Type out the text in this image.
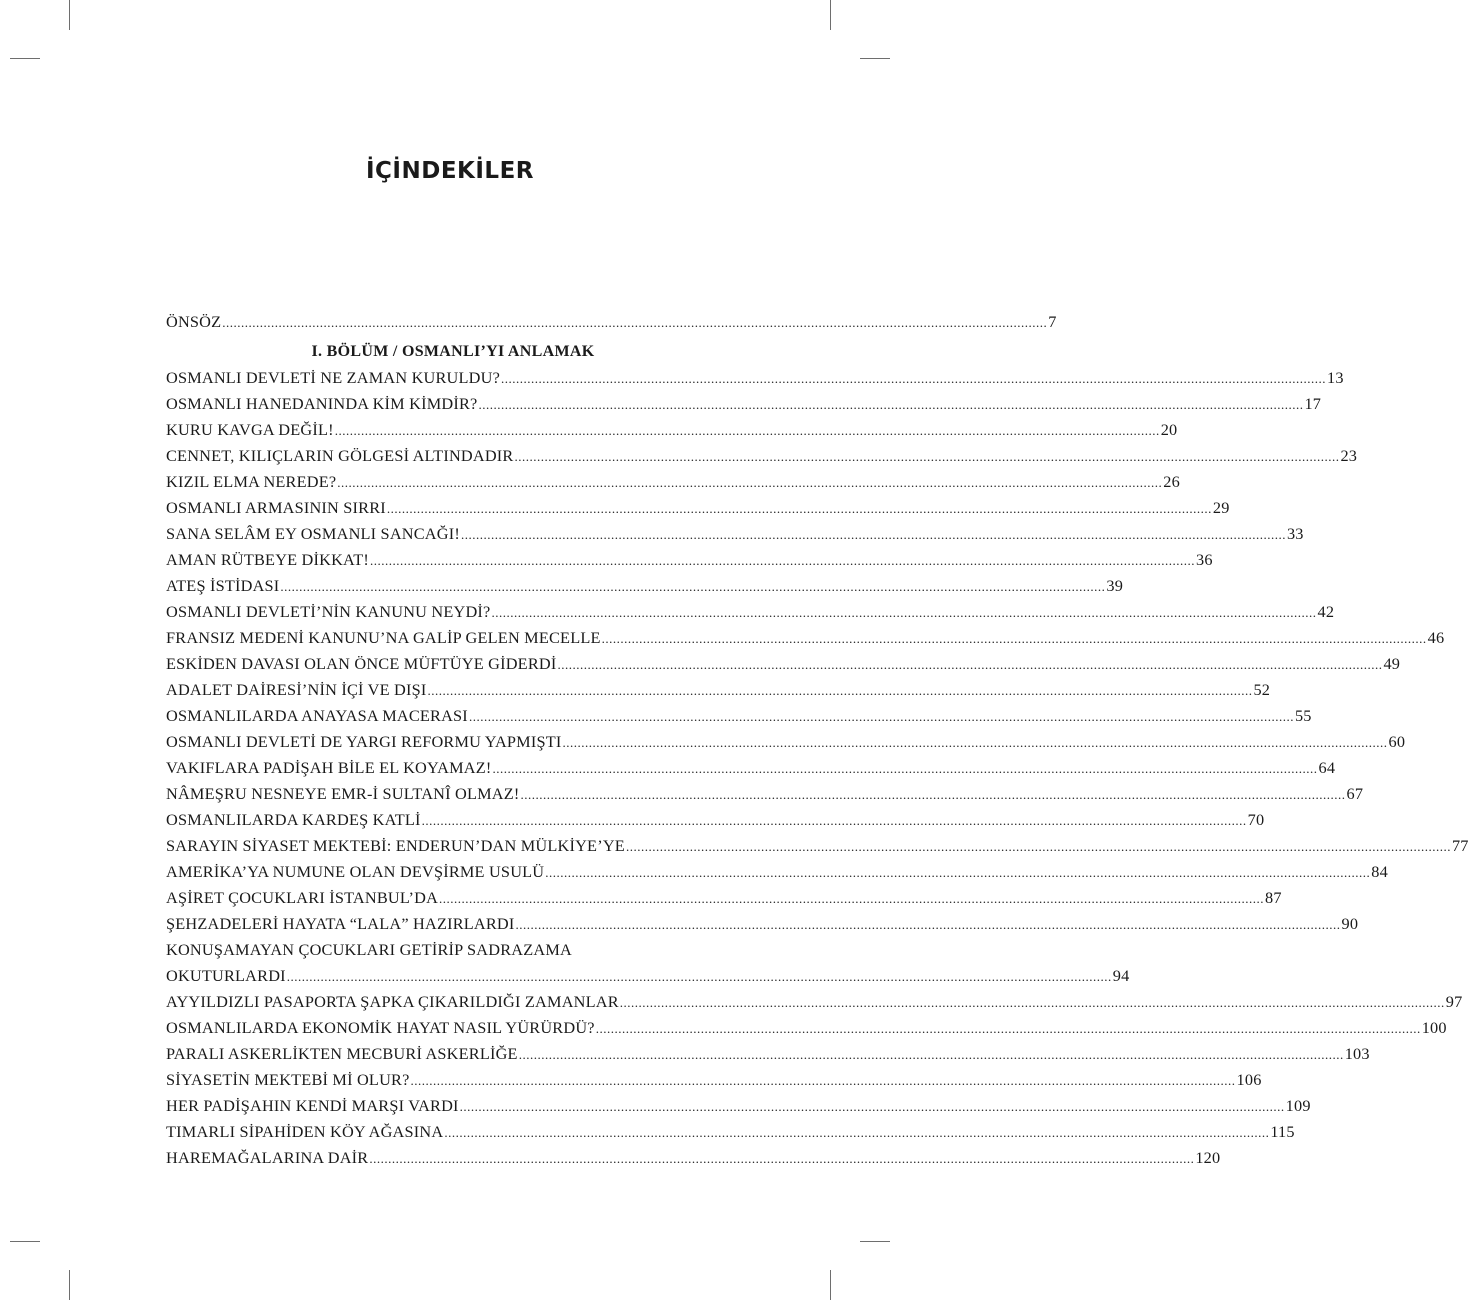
İÇİNDEKİLER
ÖNSÖZ ............................................................................................................................................................................................................................ 7
I. BÖLÜM / OSMANLI’YI ANLAMAK
OSMANLI DEVLETİ NE ZAMAN KURULDU? ............................................................................................................................................................................................................................ 13
OSMANLI HANEDANINDA KİM KİMDİR? ............................................................................................................................................................................................................................ 17
KURU KAVGA DEĞİL! ............................................................................................................................................................................................................................ 20
CENNET, KILIÇLARIN GÖLGESİ ALTINDADIR ............................................................................................................................................................................................................................ 23
KIZIL ELMA NEREDE? ............................................................................................................................................................................................................................ 26
OSMANLI ARMASININ SIRRI ............................................................................................................................................................................................................................ 29
SANA SELÂM EY OSMANLI SANCAĞI! ............................................................................................................................................................................................................................ 33
AMAN RÜTBEYE DİKKAT! ............................................................................................................................................................................................................................ 36
ATEŞ İSTİDASI ............................................................................................................................................................................................................................ 39
OSMANLI DEVLETİ’NİN KANUNU NEYDİ? ............................................................................................................................................................................................................................ 42
FRANSIZ MEDENİ KANUNU’NA GALİP GELEN MECELLE ............................................................................................................................................................................................................................ 46
ESKİDEN DAVASI OLAN ÖNCE MÜFTÜYE GİDERDİ ............................................................................................................................................................................................................................ 49
ADALET DAİRESİ’NİN İÇİ VE DIŞI ............................................................................................................................................................................................................................ 52
OSMANLILARDA ANAYASA MACERASI ............................................................................................................................................................................................................................ 55
OSMANLI DEVLETİ DE YARGI REFORMU YAPMIŞTI ............................................................................................................................................................................................................................ 60
VAKIFLARA PADİŞAH BİLE EL KOYAMAZ! ............................................................................................................................................................................................................................ 64
NÂMEŞRU NESNEYE EMR-İ SULTANÎ OLMAZ! ............................................................................................................................................................................................................................ 67
OSMANLILARDA KARDEŞ KATLİ ............................................................................................................................................................................................................................ 70
SARAYIN SİYASET MEKTEBİ: ENDERUN’DAN MÜLKİYE’YE ............................................................................................................................................................................................................................ 77
AMERİKA’YA NUMUNE OLAN DEVŞİRME USULÜ ............................................................................................................................................................................................................................ 84
AŞİRET ÇOCUKLARI İSTANBUL’DA ............................................................................................................................................................................................................................ 87
ŞEHZADELERİ HAYATA “LALA” HAZIRLARDI ............................................................................................................................................................................................................................ 90
KONUŞAMAYAN ÇOCUKLARI GETİRİP SADRAZAMA
OKUTURLARDI ............................................................................................................................................................................................................................ 94
AYYILDIZLI PASAPORTA ŞAPKA ÇIKARILDIĞI ZAMANLAR ............................................................................................................................................................................................................................ 97
OSMANLILARDA EKONOMİK HAYAT NASIL YÜRÜRDÜ? ............................................................................................................................................................................................................................ 100
PARALI ASKERLİKTEN MECBURİ ASKERLİĞE ............................................................................................................................................................................................................................ 103
SİYASETİN MEKTEBİ Mİ OLUR? ............................................................................................................................................................................................................................ 106
HER PADİŞAHIN KENDİ MARŞI VARDI ............................................................................................................................................................................................................................ 109
TIMARLI SİPAHİDEN KÖY AĞASINA ............................................................................................................................................................................................................................ 115
HAREMAĞALARINA DAİR ............................................................................................................................................................................................................................ 120
